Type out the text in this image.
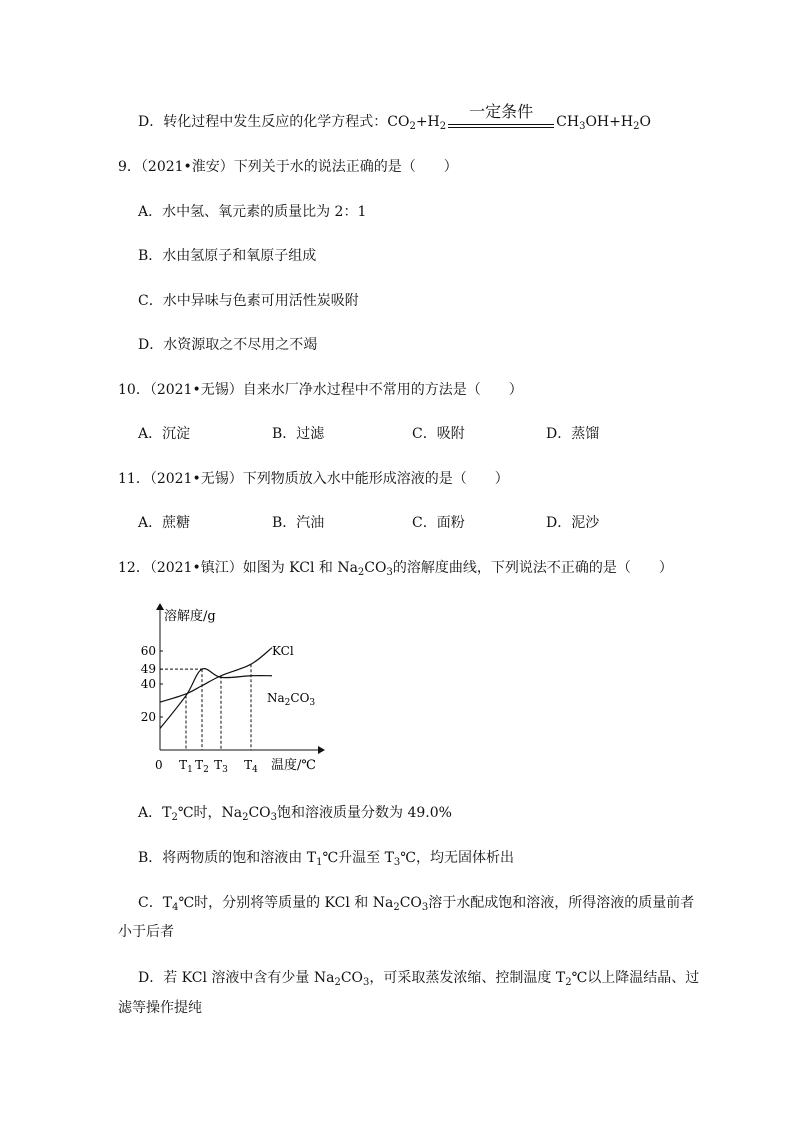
D．转化过程中发生反应的化学方程式：$CO_2+H_2$
一定条件
$CH_3OH+H_2O$
9．（2021•淮安）下列关于水的说法正确的是（　　）
A．水中氢、氧元素的质量比为 2：1
B．水由氢原子和氧原子组成
C．水中异味与色素可用活性炭吸附
D．水资源取之不尽用之不竭
10．（2021•无锡）自来水厂净水过程中不常用的方法是（　　）
A．沉淀	B．过滤	C．吸附	D．蒸馏
11．（2021•无锡）下列物质放入水中能形成溶液的是（　　）
A．蔗糖	B．汽油	C．面粉	D．泥沙
12．（2021•镇江）如图为 KCl 和 $Na_2CO_3$的溶解度曲线，下列说法不正确的是（　　）
溶解度/g
温度/℃
0
60
49
40
20
$T_1$ $T_2$ $T_3$ $T_4$
KCl
$Na_2CO_3$
A．$T_2℃$时，$Na_2CO_3$饱和溶液质量分数为 49.0%
B．将两物质的饱和溶液由 $T_1℃$升温至 $T_3℃$，均无固体析出
C．$T_4℃$时，分别将等质量的 KCl 和 $Na_2CO_3$溶于水配成饱和溶液，所得溶液的质量前者
小于后者
D．若 KCl 溶液中含有少量 $Na_2CO_3$，可采取蒸发浓缩、控制温度 $T_2℃$以上降温结晶、过
滤等操作提纯
